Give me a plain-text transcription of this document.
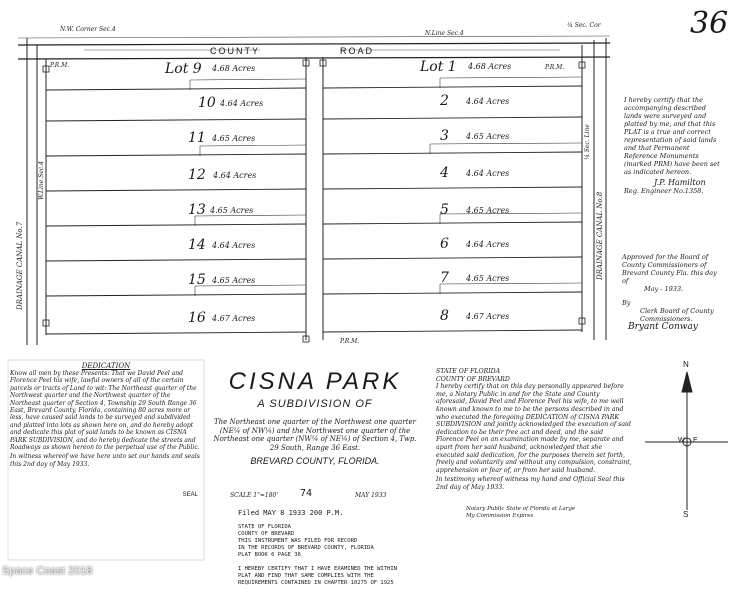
36
N.W. Corner Sec.4
N.Line Sec.4
¼ Sec. Cor
COUNTY	ROAD
P.R.M.	P.R.M.
P.R.M.
DRAINAGE CANAL No.7
W.Line Sec.4
DRAINAGE CANAL No.8
¼ Sec. Line
Lot 9 4.68 Acres
10 4.64 Acres
11 4.65 Acres
12 4.64 Acres
13 4.65 Acres
14 4.64 Acres
15 4.65 Acres
16 4.67 Acres
Lot 1 4.68 Acres
2 4.64 Acres
3 4.65 Acres
4 4.64 Acres
5 4.65 Acres
6 4.64 Acres
7 4.65 Acres
8 4.67 Acres
I hereby certify that the accompanying described lands were surveyed and platted by me, and that this PLAT is a true and correct representation of said lands and that Permanent Reference Monuments (marked PRM) have been set as indicated hereon.
J.P. Hamilton
Reg. Engineer No.1358.
Approved for the Board of County Commissioners of Brevard County Fla. this day of
May - 1933.
By
Clerk Board of County Commissioners.
Bryant Conway
DEDICATION
Know all men by these Presents: That we David Peel and Florence Peel his wife, lawful owners of all of the certain parcels or tracts of Land to wit: The Northeast quarter of the Northwest quarter and the Northwest quarter of the Northeast quarter of Section 4, Township 29 South Range 36 East, Brevard County, Florida, containing 80 acres more or less, have caused said lands to be surveyed and subdivided and platted into lots as shown here on, and do hereby adopt and dedicate this plat of said lands to be known as CISNA PARK SUBDIVISION, and do hereby dedicate the streets and Roadways as shown hereon to the perpetual use of the Public.
In witness whereof we have here unto set our hands and seals this 2nd day of May 1933.
SEAL
CISNA PARK
A SUBDIVISION OF
The Northeast one quarter of the Northwest one quarter (NE¼ of NW¼) and the Northwest one quarter of the Northeast one quarter (NW¼ of NE¼) of Section 4, Twp. 29 South, Range 36 East.
BREVARD COUNTY, FLORIDA.
SCALE 1"=180'	MAY 1933
74

Filed MAY 8 1933 200 P.M.

STATE OF FLORIDA
COUNTY OF BREVARD
THIS INSTRUMENT WAS FILED FOR RECORD
IN THE RECORDS OF BREVARD COUNTY, FLORIDA
PLAT BOOK 6 PAGE 36

I HEREBY CERTIFY THAT I HAVE EXAMINED THE WITHIN PLAT AND FIND THAT SAME COMPLIES WITH THE REQUIREMENTS CONTAINED IN CHAPTER 10275 OF 1925

STATE OF FLORIDA
COUNTY OF BREVARD
I hereby certify that on this day personally appeared before me, a Notary Public in and for the State and County aforesaid, David Peel and Florence Peel his wife, to me well known and known to me to be the persons described in and who executed the foregoing DEDICATION of CISNA PARK SUBDIVISION and jointly acknowledged the execution of said dedication to be their free act and deed, and the said Florence Peel on an examination made by me, separate and apart from her said husband, acknowledged that she executed said dedication, for the purposes therein set forth, freely and voluntarily and without any compulsion, constraint, apprehension or fear of, or from her said husband.
In testimony whereof witness my hand and Official Seal this 2nd day of May 1933.
Notary Public State of Florida at Large
My Commission Expires
N
S
W E
Space Coast 2018
